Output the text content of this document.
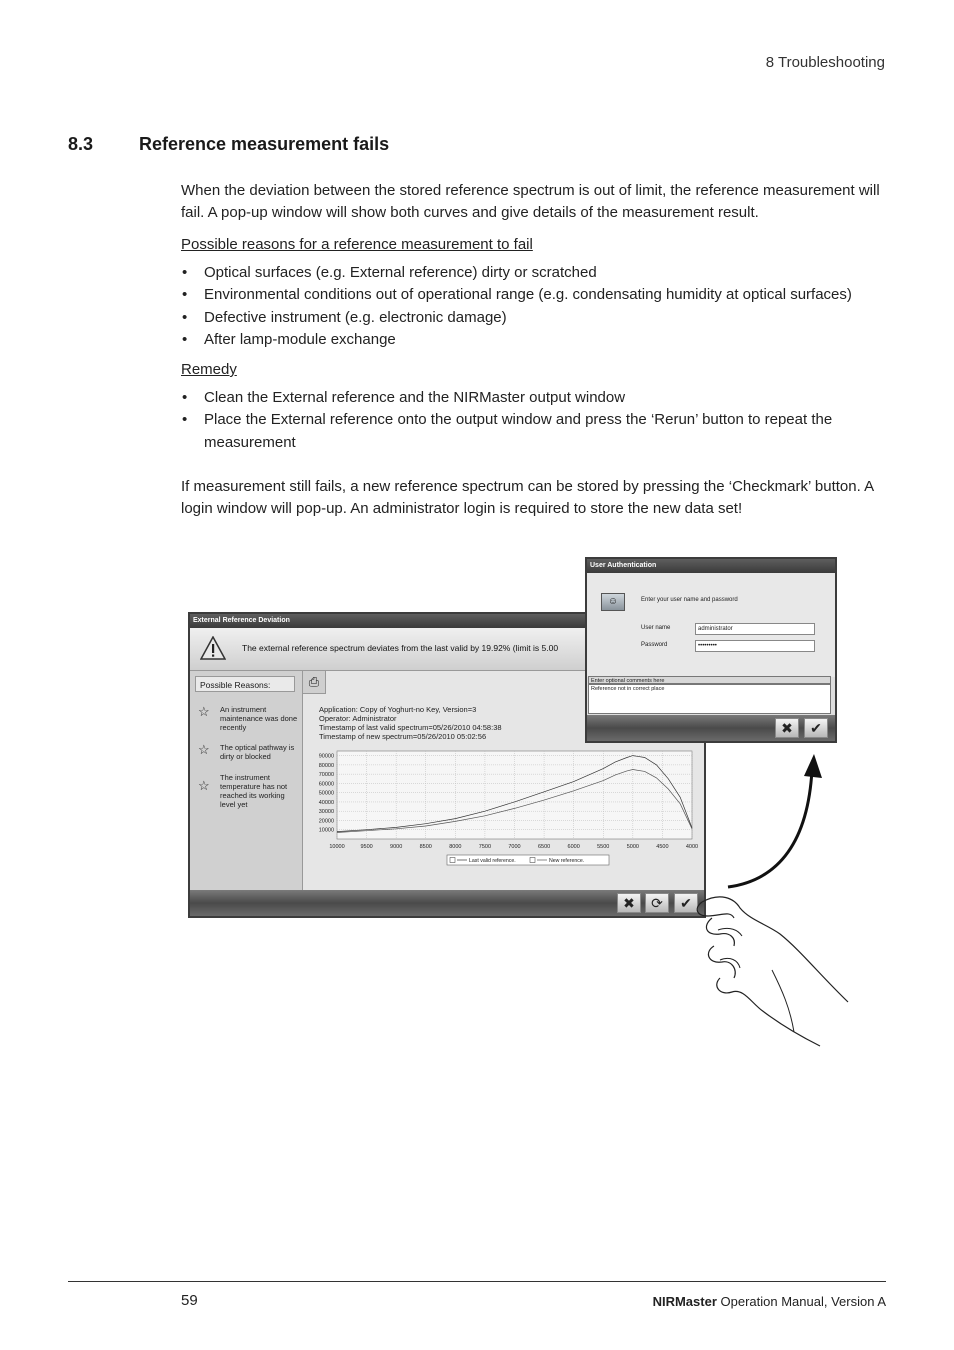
8 Troubleshooting
8.3	Reference measurement fails
When the deviation between the stored reference spectrum is out of limit, the reference measurement will fail. A pop-up window will show both curves and give details of the measurement result.
Possible reasons for a reference measurement to fail
• Optical surfaces (e.g. External reference) dirty or scratched
• Environmental conditions out of operational range (e.g. condensating humidity at optical surfaces)
• Defective instrument (e.g. electronic damage)
• After lamp-module exchange
Remedy
• Clean the External reference and the NIRMaster output window
• Place the External reference onto the output window and press the ‘Rerun’ button to repeat the measurement
If measurement still fails, a new reference spectrum can be stored by pressing the ‘Checkmark’ button. A login window will pop-up. An administrator login is required to store the new data set!
External Reference Deviation
The external reference spectrum deviates from the last valid by 19.92% (limit is 5.00
Possible Reasons:
☆ An instrument maintenance was done recently
☆ The optical pathway is dirty or blocked
☆
The instrument temperature has not reached its working level yet
⎙
Application: Copy of Yoghurt-no Key, Version=3
Operator: Administrator
Timestamp of last valid spectrum=05/26/2010 04:58:38
Timestamp of new spectrum=05/26/2010 05:02:56
10000	9500	9000	8500	8000	7500	7000	6500	6000	5500	5000	4500	4000
10000
20000
30000
40000
50000
60000
70000
80000
90000
Last valid reference.	New reference.
✖	⟳	✔
User Authentication
☺	Enter your user name and password
User name	administrator
Password	•••••••••
Enter optional comments here
Reference not in correct place
✖	✔
59	NIRMaster Operation Manual, Version A
